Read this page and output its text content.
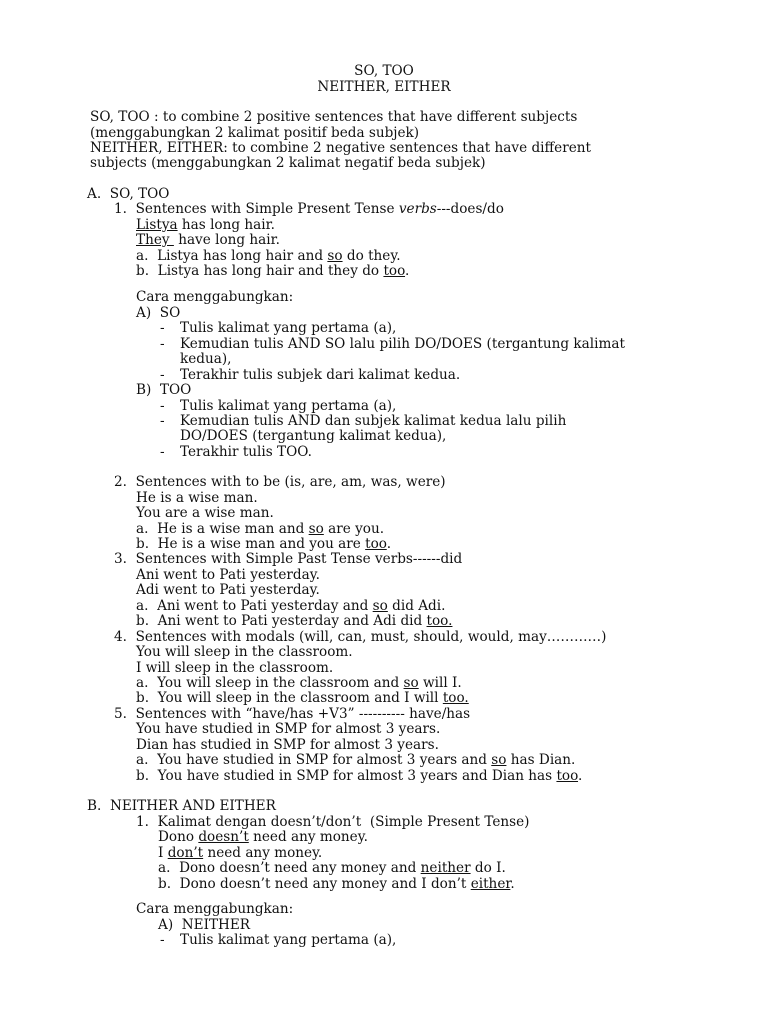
SO, TOO
NEITHER, EITHER
SO, TOO : to combine 2 positive sentences that have different subjects
(menggabungkan 2 kalimat positif beda subjek)
NEITHER, EITHER: to combine 2 negative sentences that have different
subjects (menggabungkan 2 kalimat negatif beda subjek)
A.  SO, TOO
1.  Sentences with Simple Present Tense verbs---does/do
Listya has long hair.
They  have long hair.
a.  Listya has long hair and so do they.
b.  Listya has long hair and they do too.
Cara menggabungkan:
A)  SO
- Tulis kalimat yang pertama (a),
- Kemudian tulis AND SO lalu pilih DO/DOES (tergantung kalimat
kedua),
- Terakhir tulis subjek dari kalimat kedua.
B)  TOO
- Tulis kalimat yang pertama (a),
- Kemudian tulis AND dan subjek kalimat kedua lalu pilih
DO/DOES (tergantung kalimat kedua),
- Terakhir tulis TOO.
2.  Sentences with to be (is, are, am, was, were)
He is a wise man.
You are a wise man.
a.  He is a wise man and so are you.
b.  He is a wise man and you are too.
3.  Sentences with Simple Past Tense verbs------did
Ani went to Pati yesterday.
Adi went to Pati yesterday.
a.  Ani went to Pati yesterday and so did Adi.
b.  Ani went to Pati yesterday and Adi did too.
4.  Sentences with modals (will, can, must, should, would, may…………)
You will sleep in the classroom.
I will sleep in the classroom.
a.  You will sleep in the classroom and so will I.
b.  You will sleep in the classroom and I will too.
5.  Sentences with “have/has +V3” ---------- have/has
You have studied in SMP for almost 3 years.
Dian has studied in SMP for almost 3 years.
a.  You have studied in SMP for almost 3 years and so has Dian.
b.  You have studied in SMP for almost 3 years and Dian has too.
B.  NEITHER AND EITHER
1.  Kalimat dengan doesn’t/don’t  (Simple Present Tense)
Dono doesn’t need any money.
I don’t need any money.
a.  Dono doesn’t need any money and neither do I.
b.  Dono doesn’t need any money and I don’t either.
Cara menggabungkan:
A)  NEITHER
- Tulis kalimat yang pertama (a),
